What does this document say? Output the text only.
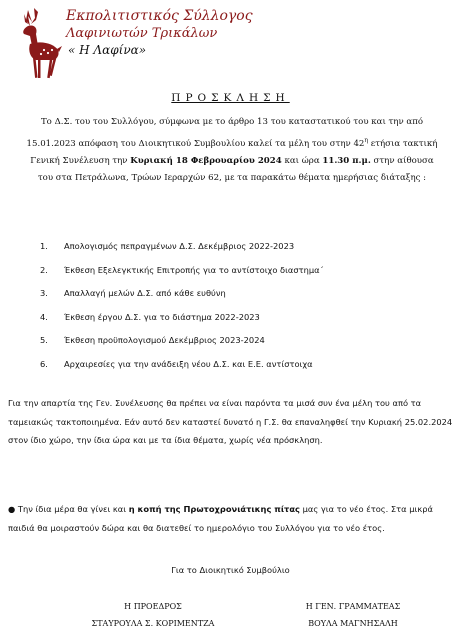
Εκπολιτιστικός Σύλλογος
Λαφινιωτών Τρικάλων
« Η Λαφίνα»
ΠΡΟΣΚΛΗΣΗ
Το Δ.Σ. του του Συλλόγου, σύμφωνα με το άρθρο 13 του καταστατικού του και την από 15.01.2023 απόφαση του Διοικητικού Συμβουλίου καλεί τα μέλη του στην $42^\eta$ ετήσια τακτική Γενική Συνέλευση την Κυριακή 18 Φεβρουαρίου 2024 και ώρα 11.30 π.μ. στην αίθουσα του στα Πετράλωνα, Τρώων Ιεραρχών 62, με τα παρακάτω θέματα ημερήσιας διάταξης :
1.	Απολογισμός πεπραγμένων Δ.Σ. Δεκέμβριος 2022-2023
2.	Έκθεση Εξελεγκτικής Επιτροπής για το αντίστοιχο διαστημα΄
3.	Απαλλαγή μελών Δ.Σ. από κάθε ευθύνη
4.	Έκθεση έργου Δ.Σ. για το διάστημα 2022-2023
5.	Έκθεση προϋπολογισμού Δεκέμβριος 2023-2024
6.	Αρχαιρεσίες για την ανάδειξη νέου Δ.Σ. και Ε.Ε. αντίστοιχα
Για την απαρτία της Γεν. Συνέλευσης θα πρέπει να είναι παρόντα τα μισά συν ένα μέλη του από τα ταμειακώς τακτοποιημένα. Εάν αυτό δεν καταστεί δυνατό η Γ.Σ. θα επαναληφθεί την Κυριακή 25.02.2024 στον ίδιο χώρο, την ίδια ώρα και με τα ίδια θέματα, χωρίς νέα πρόσκληση.
● Την ίδια μέρα θα γίνει και η κοπή της Πρωτοχρονιάτικης πίτας μας για το νέο έτος. Στα μικρά παιδιά θα μοιραστούν δώρα και θα διατεθεί το ημερολόγιο του Συλλόγου για το νέο έτος.
Για το Διοικητικό Συμβούλιο
Η ΠΡΟΕΔΡΟΣ
ΣΤΑΥΡΟΥΛΑ Σ. ΚΟΡΙΜΕΝΤΖΑ
Η ΓΕΝ. ΓΡΑΜΜΑΤΕΑΣ
ΒΟΥΛΑ ΜΑΓΝΗΣΑΛΗ
